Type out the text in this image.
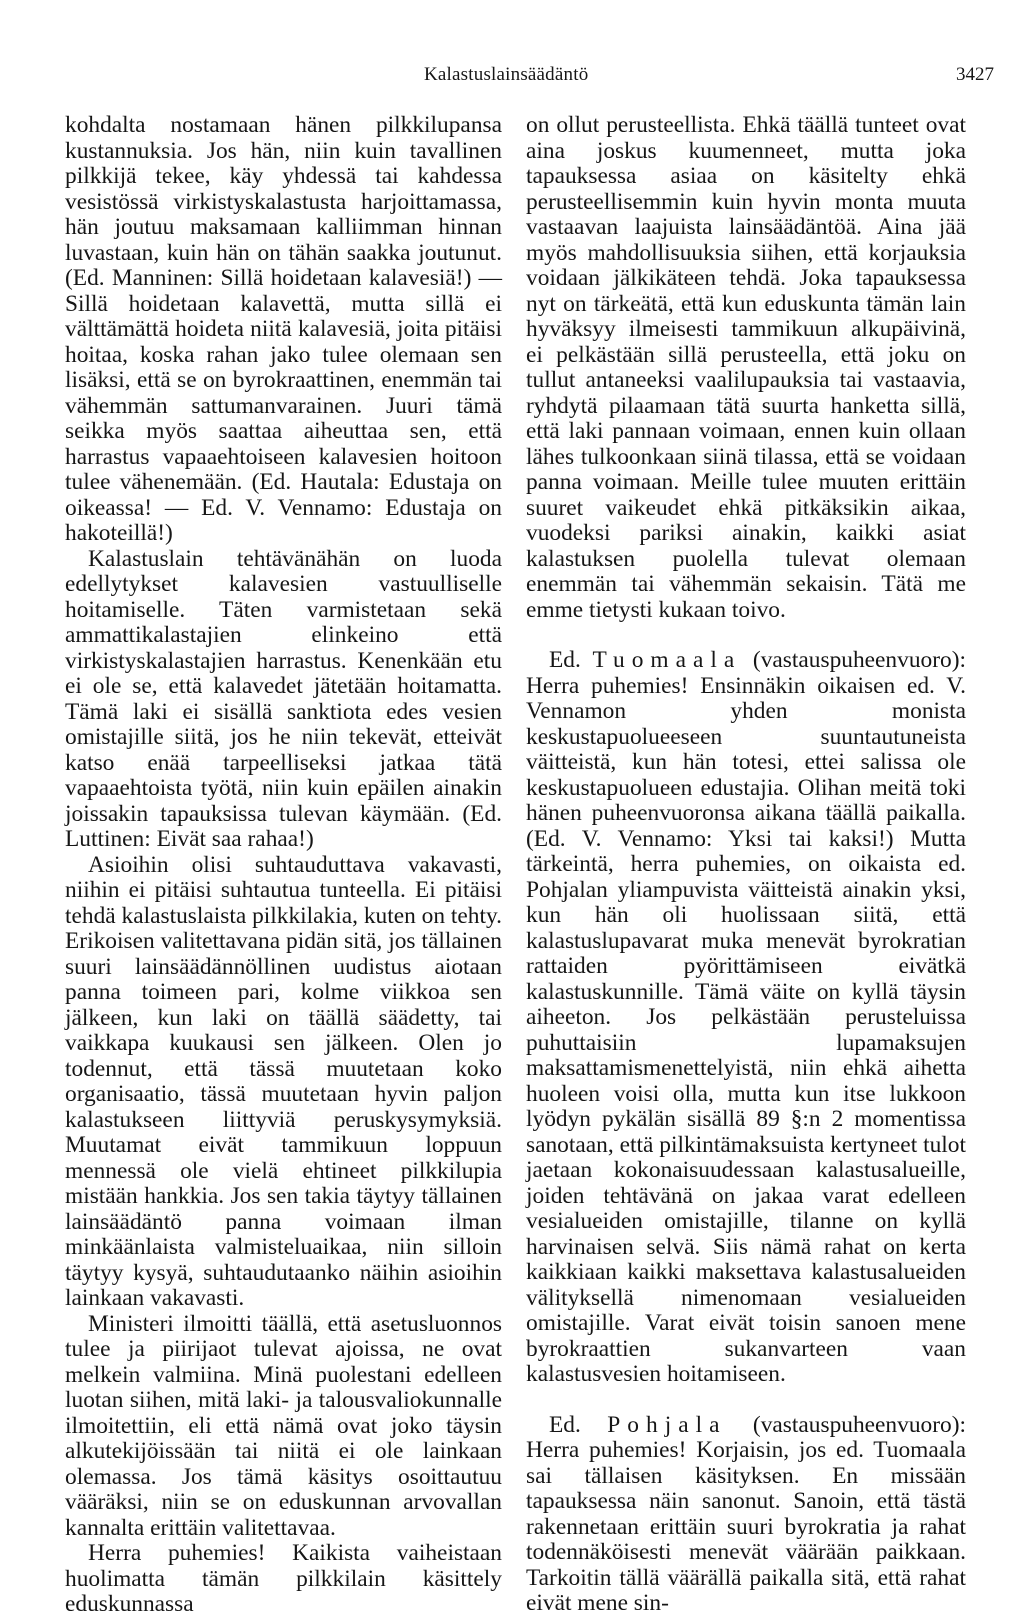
Kalastuslainsäädäntö	3427

kohdalta nostamaan hänen pilkkilupansa kustannuksia. Jos hän, niin kuin tavallinen pilkkijä tekee, käy yhdessä tai kahdessa vesistössä virkistyskalastusta harjoittamassa, hän joutuu maksamaan kalliimman hinnan luvastaan, kuin hän on tähän saakka joutunut. (Ed. Manninen: Sillä hoidetaan kalavesiä!) — Sillä hoidetaan kalavettä, mutta sillä ei välttämättä hoideta niitä kalavesiä, joita pitäisi hoitaa, koska rahan jako tulee olemaan sen lisäksi, että se on byrokraattinen, enemmän tai vähemmän sattumanvarainen. Juuri tämä seikka myös saattaa aiheuttaa sen, että harrastus vapaaehtoiseen kalavesien hoitoon tulee vähenemään. (Ed. Hautala: Edustaja on oikeassa! — Ed. V. Vennamo: Edustaja on hakoteillä!)

Kalastuslain tehtävänähän on luoda edellytykset kalavesien vastuulliselle hoitamiselle. Täten varmistetaan sekä ammattikalastajien elinkeino että virkistyskalastajien harrastus. Kenenkään etu ei ole se, että kalavedet jätetään hoitamatta. Tämä laki ei sisällä sanktiota edes vesien omistajille siitä, jos he niin tekevät, etteivät katso enää tarpeelliseksi jatkaa tätä vapaaehtoista työtä, niin kuin epäilen ainakin joissakin tapauksissa tulevan käymään. (Ed. Luttinen: Eivät saa rahaa!)

Asioihin olisi suhtauduttava vakavasti, niihin ei pitäisi suhtautua tunteella. Ei pitäisi tehdä kalastuslaista pilkkilakia, kuten on tehty. Erikoisen valitettavana pidän sitä, jos tällainen suuri lainsäädännöllinen uudistus aiotaan panna toimeen pari, kolme viikkoa sen jälkeen, kun laki on täällä säädetty, tai vaikkapa kuukausi sen jälkeen. Olen jo todennut, että tässä muutetaan koko organisaatio, tässä muutetaan hyvin paljon kalastukseen liittyviä peruskysymyksiä. Muutamat eivät tammikuun loppuun mennessä ole vielä ehtineet pilkkilupia mistään hankkia. Jos sen takia täytyy tällainen lainsäädäntö panna voimaan ilman minkäänlaista valmisteluaikaa, niin silloin täytyy kysyä, suhtaudutaanko näihin asioihin lainkaan vakavasti.

Ministeri ilmoitti täällä, että asetusluonnos tulee ja piirijaot tulevat ajoissa, ne ovat melkein valmiina. Minä puolestani edelleen luotan siihen, mitä laki- ja talousvaliokunnalle ilmoitettiin, eli että nämä ovat joko täysin alkutekijöissään tai niitä ei ole lainkaan olemassa. Jos tämä käsitys osoittautuu vääräksi, niin se on eduskunnan arvovallan kannalta erittäin valitettavaa.

Herra puhemies! Kaikista vaiheistaan huolimatta tämän pilkkilain käsittely eduskunnassa

on ollut perusteellista. Ehkä täällä tunteet ovat aina joskus kuumenneet, mutta joka tapauksessa asiaa on käsitelty ehkä perusteellisemmin kuin hyvin monta muuta vastaavan laajuista lainsäädäntöä. Aina jää myös mahdollisuuksia siihen, että korjauksia voidaan jälkikäteen tehdä. Joka tapauksessa nyt on tärkeätä, että kun eduskunta tämän lain hyväksyy ilmeisesti tammikuun alkupäivinä, ei pelkästään sillä perusteella, että joku on tullut antaneeksi vaalilupauksia tai vastaavia, ryhdytä pilaamaan tätä suurta hanketta sillä, että laki pannaan voimaan, ennen kuin ollaan lähes tulkoonkaan siinä tilassa, että se voidaan panna voimaan. Meille tulee muuten erittäin suuret vaikeudet ehkä pitkäksikin aikaa, vuodeksi pariksi ainakin, kaikki asiat kalastuksen puolella tulevat olemaan enemmän tai vähemmän sekaisin. Tätä me emme tietysti kukaan toivo.

Ed. Tuomaala (vastauspuheenvuoro): Herra puhemies! Ensinnäkin oikaisen ed. V. Vennamon yhden monista keskustapuolueeseen suuntautuneista väitteistä, kun hän totesi, ettei salissa ole keskustapuolueen edustajia. Olihan meitä toki hänen puheenvuoronsa aikana täällä paikalla. (Ed. V. Vennamo: Yksi tai kaksi!) Mutta tärkeintä, herra puhemies, on oikaista ed. Pohjalan yliampuvista väitteistä ainakin yksi, kun hän oli huolissaan siitä, että kalastuslupavarat muka menevät byrokratian rattaiden pyörittämiseen eivätkä kalastuskunnille. Tämä väite on kyllä täysin aiheeton. Jos pelkästään perusteluissa puhuttaisiin lupamaksujen maksattamismenettelyistä, niin ehkä aihetta huoleen voisi olla, mutta kun itse lukkoon lyödyn pykälän sisällä 89 §:n 2 momentissa sanotaan, että pilkintämaksuista kertyneet tulot jaetaan kokonaisuudessaan kalastusalueille, joiden tehtävänä on jakaa varat edelleen vesialueiden omistajille, tilanne on kyllä harvinaisen selvä. Siis nämä rahat on kerta kaikkiaan kaikki maksettava kalastusalueiden välityksellä nimenomaan vesialueiden omistajille. Varat eivät toisin sanoen mene byrokraattien sukanvarteen vaan kalastusvesien hoitamiseen.

Ed. Pohjala (vastauspuheenvuoro): Herra puhemies! Korjaisin, jos ed. Tuomaala sai tällaisen käsityksen. En missään tapauksessa näin sanonut. Sanoin, että tästä rakennetaan erittäin suuri byrokratia ja rahat todennäköisesti menevät väärään paikkaan. Tarkoitin tällä väärällä paikalla sitä, että rahat eivät mene sin-
